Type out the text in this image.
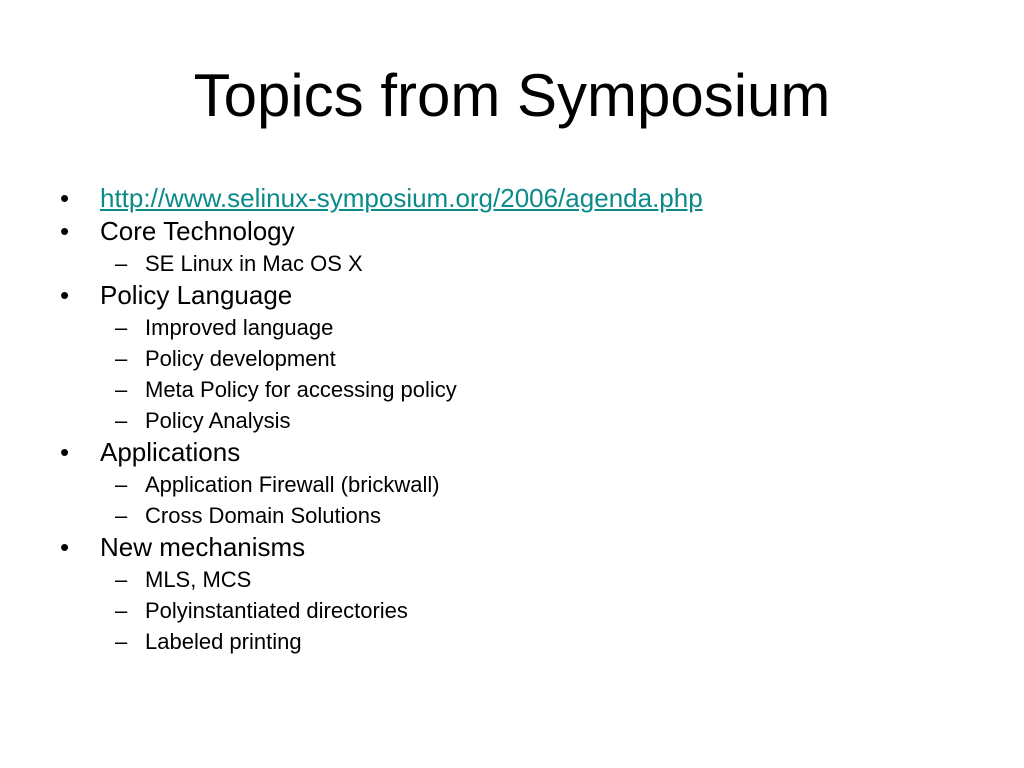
Topics from Symposium
• http://www.selinux-symposium.org/2006/agenda.php
• Core Technology
– SE Linux in Mac OS X
• Policy Language
– Improved language
– Policy development
– Meta Policy for accessing policy
– Policy Analysis
• Applications
– Application Firewall (brickwall)
– Cross Domain Solutions
• New mechanisms
– MLS, MCS
– Polyinstantiated directories
– Labeled printing
